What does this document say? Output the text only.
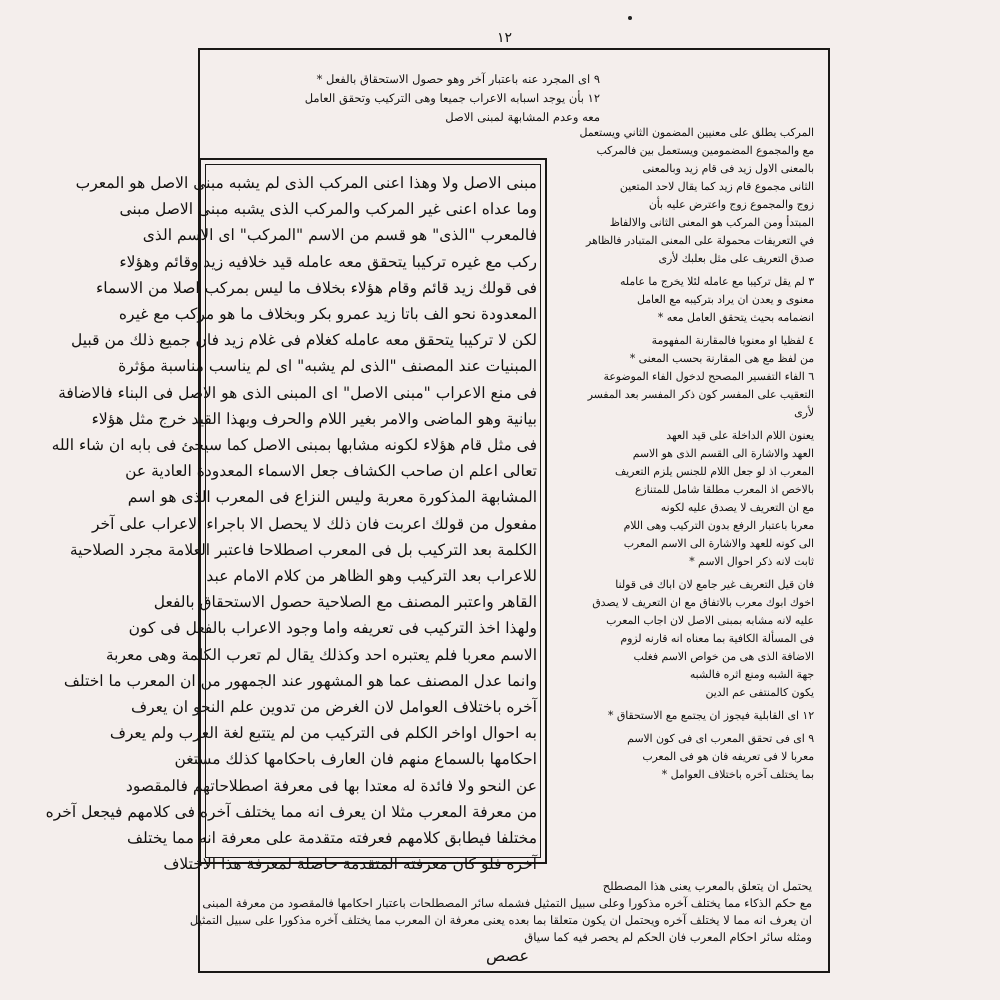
١٢
٩ ای المجرد عنه باعتبار آخر وهو حصول الاستحقاق بالفعل *
١٢ بأن يوجد اسبابه الاعراب جميعا وهی التركيب وتحقق العامل
معه وعدم المشابهة لمبنی الاصل
المركب يطلق على معنيين المضمون الثاني ويستعمل
مع والمجموع المضمومين ويستعمل بين فالمركب
بالمعنى الاول زيد فی قام زيد وبالمعنی
الثانی مجموع قام زيد كما يقال لاحد المتعين
زوج والمجموع زوج واعترض عليه بأن
المبتدأ ومن المركب هو المعنی الثانی والالفاظ
في التعريفات محمولة على المعنى المتبادر فالظاهر
صدق التعريف على مثل بعلبك لأرى
٣ لم يقل تركيبا مع عامله لئلا يخرج ما عامله
معنوی و يعدن ان يراد بتركيبه مع العامل
انضمامه بحيث يتحقق العامل معه *
٤ لفظيا او معنويا فالمقارنة المفهومة
من لفظ مع هی المقارنة بحسب المعنی *
٦ الفاء التفسير المصحح لدخول الفاء الموضوعة
التعقيب على المفسر كون ذكر المفسر بعد المفسر
لأرى
يعنون اللام الداخلة على قيد العهد
العهد والاشارة الى القسم الذی هو الاسم
المعرب اذ لو جعل اللام للجنس يلزم التعريف
بالاخص اذ المعرب مطلقا شامل للمتنازع
مع ان التعريف لا يصدق عليه لكونه
معربا باعتبار الرفع بدون التركيب وهی اللام
الى كونه للعهد والاشارة الى الاسم المعرب
ثابت لانه ذكر احوال الاسم *
فان قيل التعريف غير جامع لان اباك فی قولنا
اخوك ابوك معرب بالاتفاق مع ان التعريف لا يصدق
عليه لانه مشابه بمبنی الاصل لان اجاب المعرب
فی المسألة الكافية بما معناه انه قارنه لزوم
الاضافة الذی هی من خواص الاسم فغلب
جهة الشبه ومنع اثره فالشبه
يكون كالمنتفی عم الدين
١٢ ای القابلية فيجوز ان يجتمع مع الاستحقاق *
٩ ای فی تحقق المعرب ای فی كون الاسم
معربا لا فی تعريفه فان هو فی المعرب
بما يختلف آخره باختلاف العوامل *
مبنی الاصل ولا وهذا اعنی المركب الذی لم يشبه مبنی الاصل هو المعرب
وما عداه اعنی غير المركب والمركب الذی يشبه مبنی الاصل مبنی
فالمعرب "الذی" هو قسم من الاسم "المركب" ای الاسم الذی
ركب مع غيره تركيبا يتحقق معه عامله قيد خلافيه زيد وقائم وهؤلاء
فی قولك زيد قائم وقام هؤلاء بخلاف ما ليس بمركب اصلا من الاسماء
المعدودة نحو الف باتا زيد عمرو بكر وبخلاف ما هو مركب مع غيره
لكن لا تركيبا يتحقق معه عامله كغلام فی غلام زيد فان جميع ذلك من قبيل
المبنيات عند المصنف "الذی لم يشبه" ای لم يناسب مناسبة مؤثرة
فی منع الاعراب "مبنی الاصل" ای المبنی الذی هو الاصل فی البناء فالاضافة
بيانية وهو الماضی والامر بغير اللام والحرف وبهذا القيد خرج مثل هؤلاء
فی مثل قام هؤلاء لكونه مشابها بمبنی الاصل كما سيجئ فی بابه ان شاء الله
تعالى اعلم ان صاحب الكشاف جعل الاسماء المعدودة العادية عن
المشابهة المذكورة معربة وليس النزاع فی المعرب الذی هو اسم
مفعول من قولك اعربت فان ذلك لا يحصل الا باجراء الاعراب على آخر
الكلمة بعد التركيب بل فی المعرب اصطلاحا فاعتبر العلامة مجرد الصلاحية
للاعراب بعد التركيب وهو الظاهر من كلام الامام عبد
القاهر واعتبر المصنف مع الصلاحية حصول الاستحقاق بالفعل
ولهذا اخذ التركيب فی تعريفه واما وجود الاعراب بالفعل فی كون
الاسم معربا فلم يعتبره احد وكذلك يقال لم تعرب الكلمة وهی معربة
وانما عدل المصنف عما هو المشهور عند الجمهور من ان المعرب ما اختلف
آخره باختلاف العوامل لان الغرض من تدوين علم النحو ان يعرف
به احوال اواخر الكلم فی التركيب من لم يتتبع لغة العرب ولم يعرف
احكامها بالسماع منهم فان العارف باحكامها كذلك مستغن
عن النحو ولا فائدة له معتدا بها فی معرفة اصطلاحاتهم فالمقصود
من معرفة المعرب مثلا ان يعرف انه مما يختلف آخره فی كلامهم فيجعل آخره
مختلفا فيطابق كلامهم فعرفته متقدمة على معرفة انه مما يختلف
آخره فلو كان معرفته المتقدمة حاصلة لمعرفة هذا الاختلاف
يحتمل ان يتعلق بالمعرب يعنی هذا المصطلح
مع حكم الذكاء مما يختلف آخره مذكورا وعلى سبيل التمثيل فشمله سائر المصطلحات باعتبار احكامها فالمقصود من معرفة المبنی
ان يعرف انه مما لا يختلف آخره ويحتمل ان يكون متعلقا بما بعده يعنی معرفة ان المعرب مما يختلف آخره مذكورا على سبيل التمثيل
ومثله سائر احكام المعرب فان الحكم لم يحصر فيه كما سياق
عصص
